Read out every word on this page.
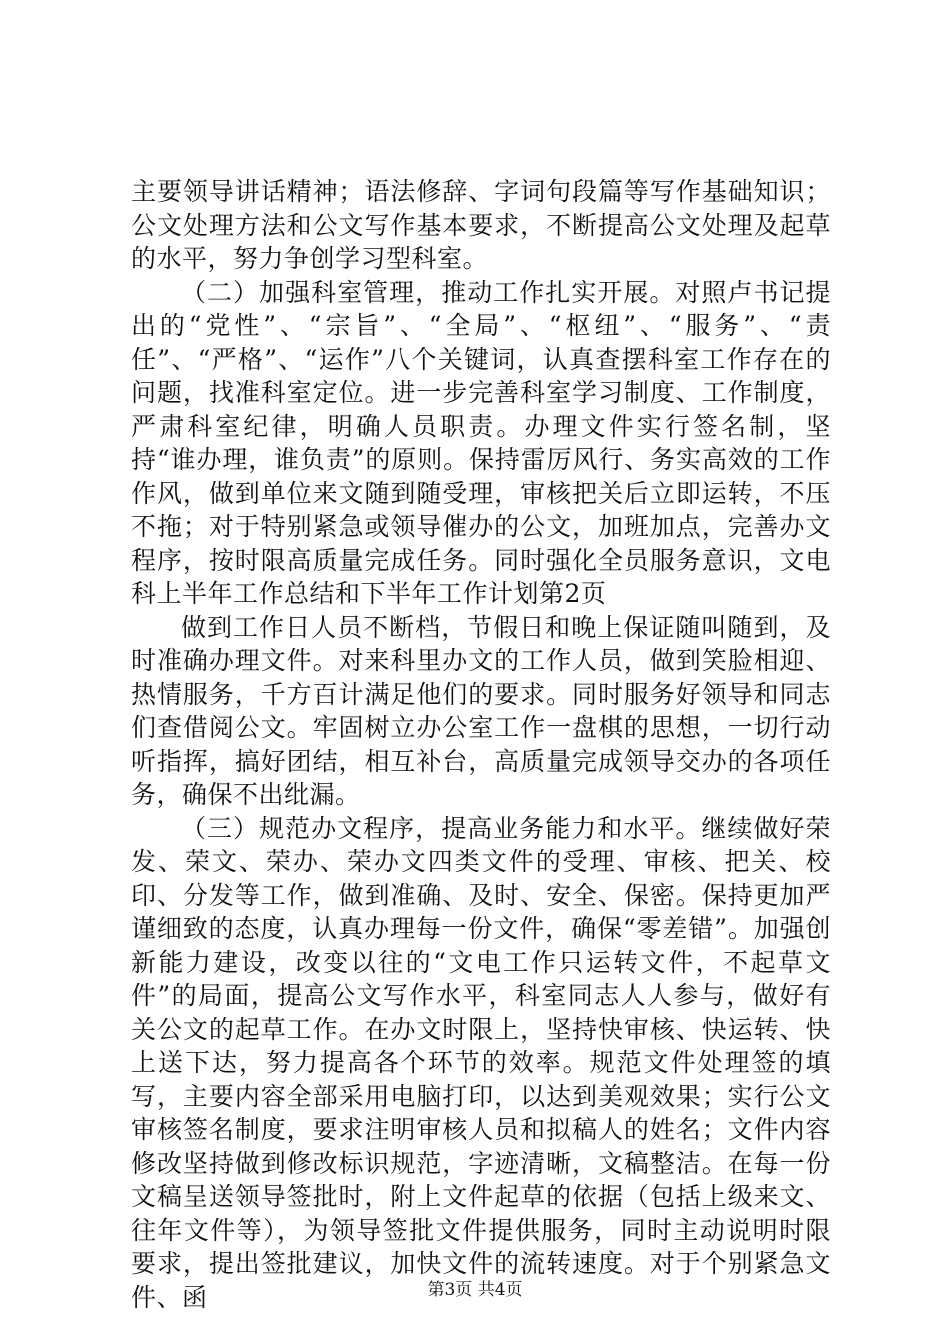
主要领导讲话精神；语法修辞、字词句段篇等写作基础知识；公文处理方法和公文写作基本要求，不断提高公文处理及起草的水平，努力争创学习型科室。

（二）加强科室管理，推动工作扎实开展。对照卢书记提出的“党性”、“宗旨”、“全局”、“枢纽”、“服务”、“责任”、“严格”、“运作”八个关键词，认真查摆科室工作存在的问题，找准科室定位。进一步完善科室学习制度、工作制度，严肃科室纪律，明确人员职责。办理文件实行签名制，坚持“谁办理，谁负责”的原则。保持雷厉风行、务实高效的工作作风，做到单位来文随到随受理，审核把关后立即运转，不压不拖；对于特别紧急或领导催办的公文，加班加点，完善办文程序，按时限高质量完成任务。同时强化全员服务意识，文电科上半年工作总结和下半年工作计划第2页

做到工作日人员不断档，节假日和晚上保证随叫随到，及时准确办理文件。对来科里办文的工作人员，做到笑脸相迎、热情服务，千方百计满足他们的要求。同时服务好领导和同志们查借阅公文。牢固树立办公室工作一盘棋的思想，一切行动听指挥，搞好团结，相互补台，高质量完成领导交办的各项任务，确保不出纰漏。

（三）规范办文程序，提高业务能力和水平。继续做好荣发、荣文、荣办、荣办文四类文件的受理、审核、把关、校印、分发等工作，做到准确、及时、安全、保密。保持更加严谨细致的态度，认真办理每一份文件，确保“零差错”。加强创新能力建设，改变以往的“文电工作只运转文件，不起草文件”的局面，提高公文写作水平，科室同志人人参与，做好有关公文的起草工作。在办文时限上，坚持快审核、快运转、快上送下达，努力提高各个环节的效率。规范文件处理签的填写，主要内容全部采用电脑打印，以达到美观效果；实行公文审核签名制度，要求注明审核人员和拟稿人的姓名；文件内容修改坚持做到修改标识规范，字迹清晰，文稿整洁。在每一份文稿呈送领导签批时，附上文件起草的依据（包括上级来文、往年文件等），为领导签批文件提供服务，同时主动说明时限要求，提出签批建议，加快文件的流转速度。对于个别紧急文件、函	第3页 共4页
